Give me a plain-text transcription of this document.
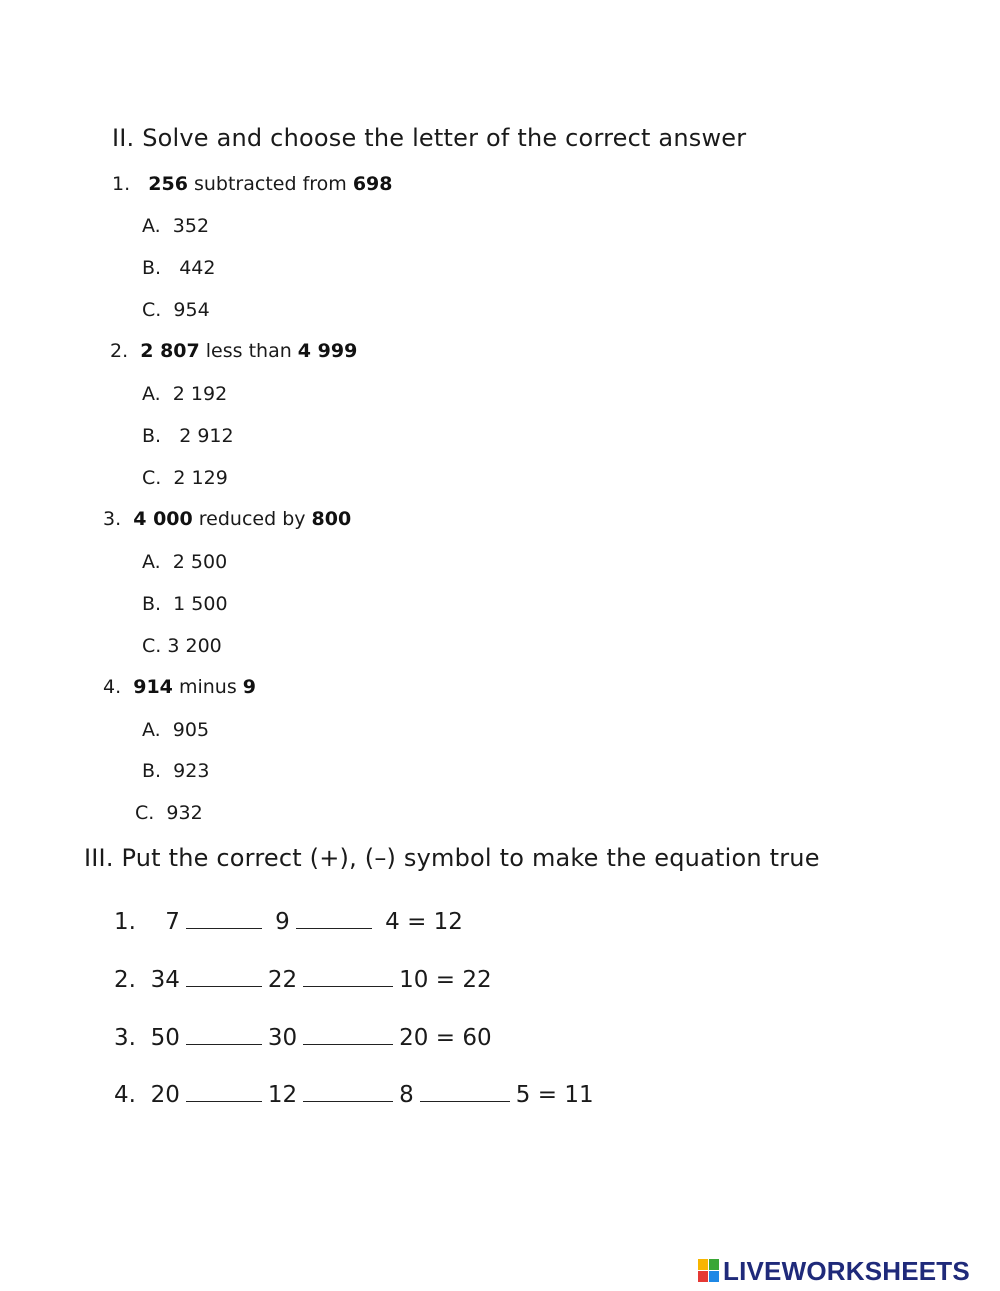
II. Solve and choose the letter of the correct answer
1. 256 subtracted from 698
A. 352
B. 442
C. 954
2. 2 807 less than 4 999
A. 2 192
B. 2 912
C. 2 129
3. 4 000 reduced by 800
A. 2 500
B. 1 500
C. 3 200
4. 914 minus 9
A. 905
B. 923
C. 932
III. Put the correct (+), (–) symbol to make the equation true
1. 7	9	4 = 12
2. 34	22	10 = 22
3. 50	30	20 = 60
4. 20	12	8	5 = 11
LIVEWORKSHEETS
